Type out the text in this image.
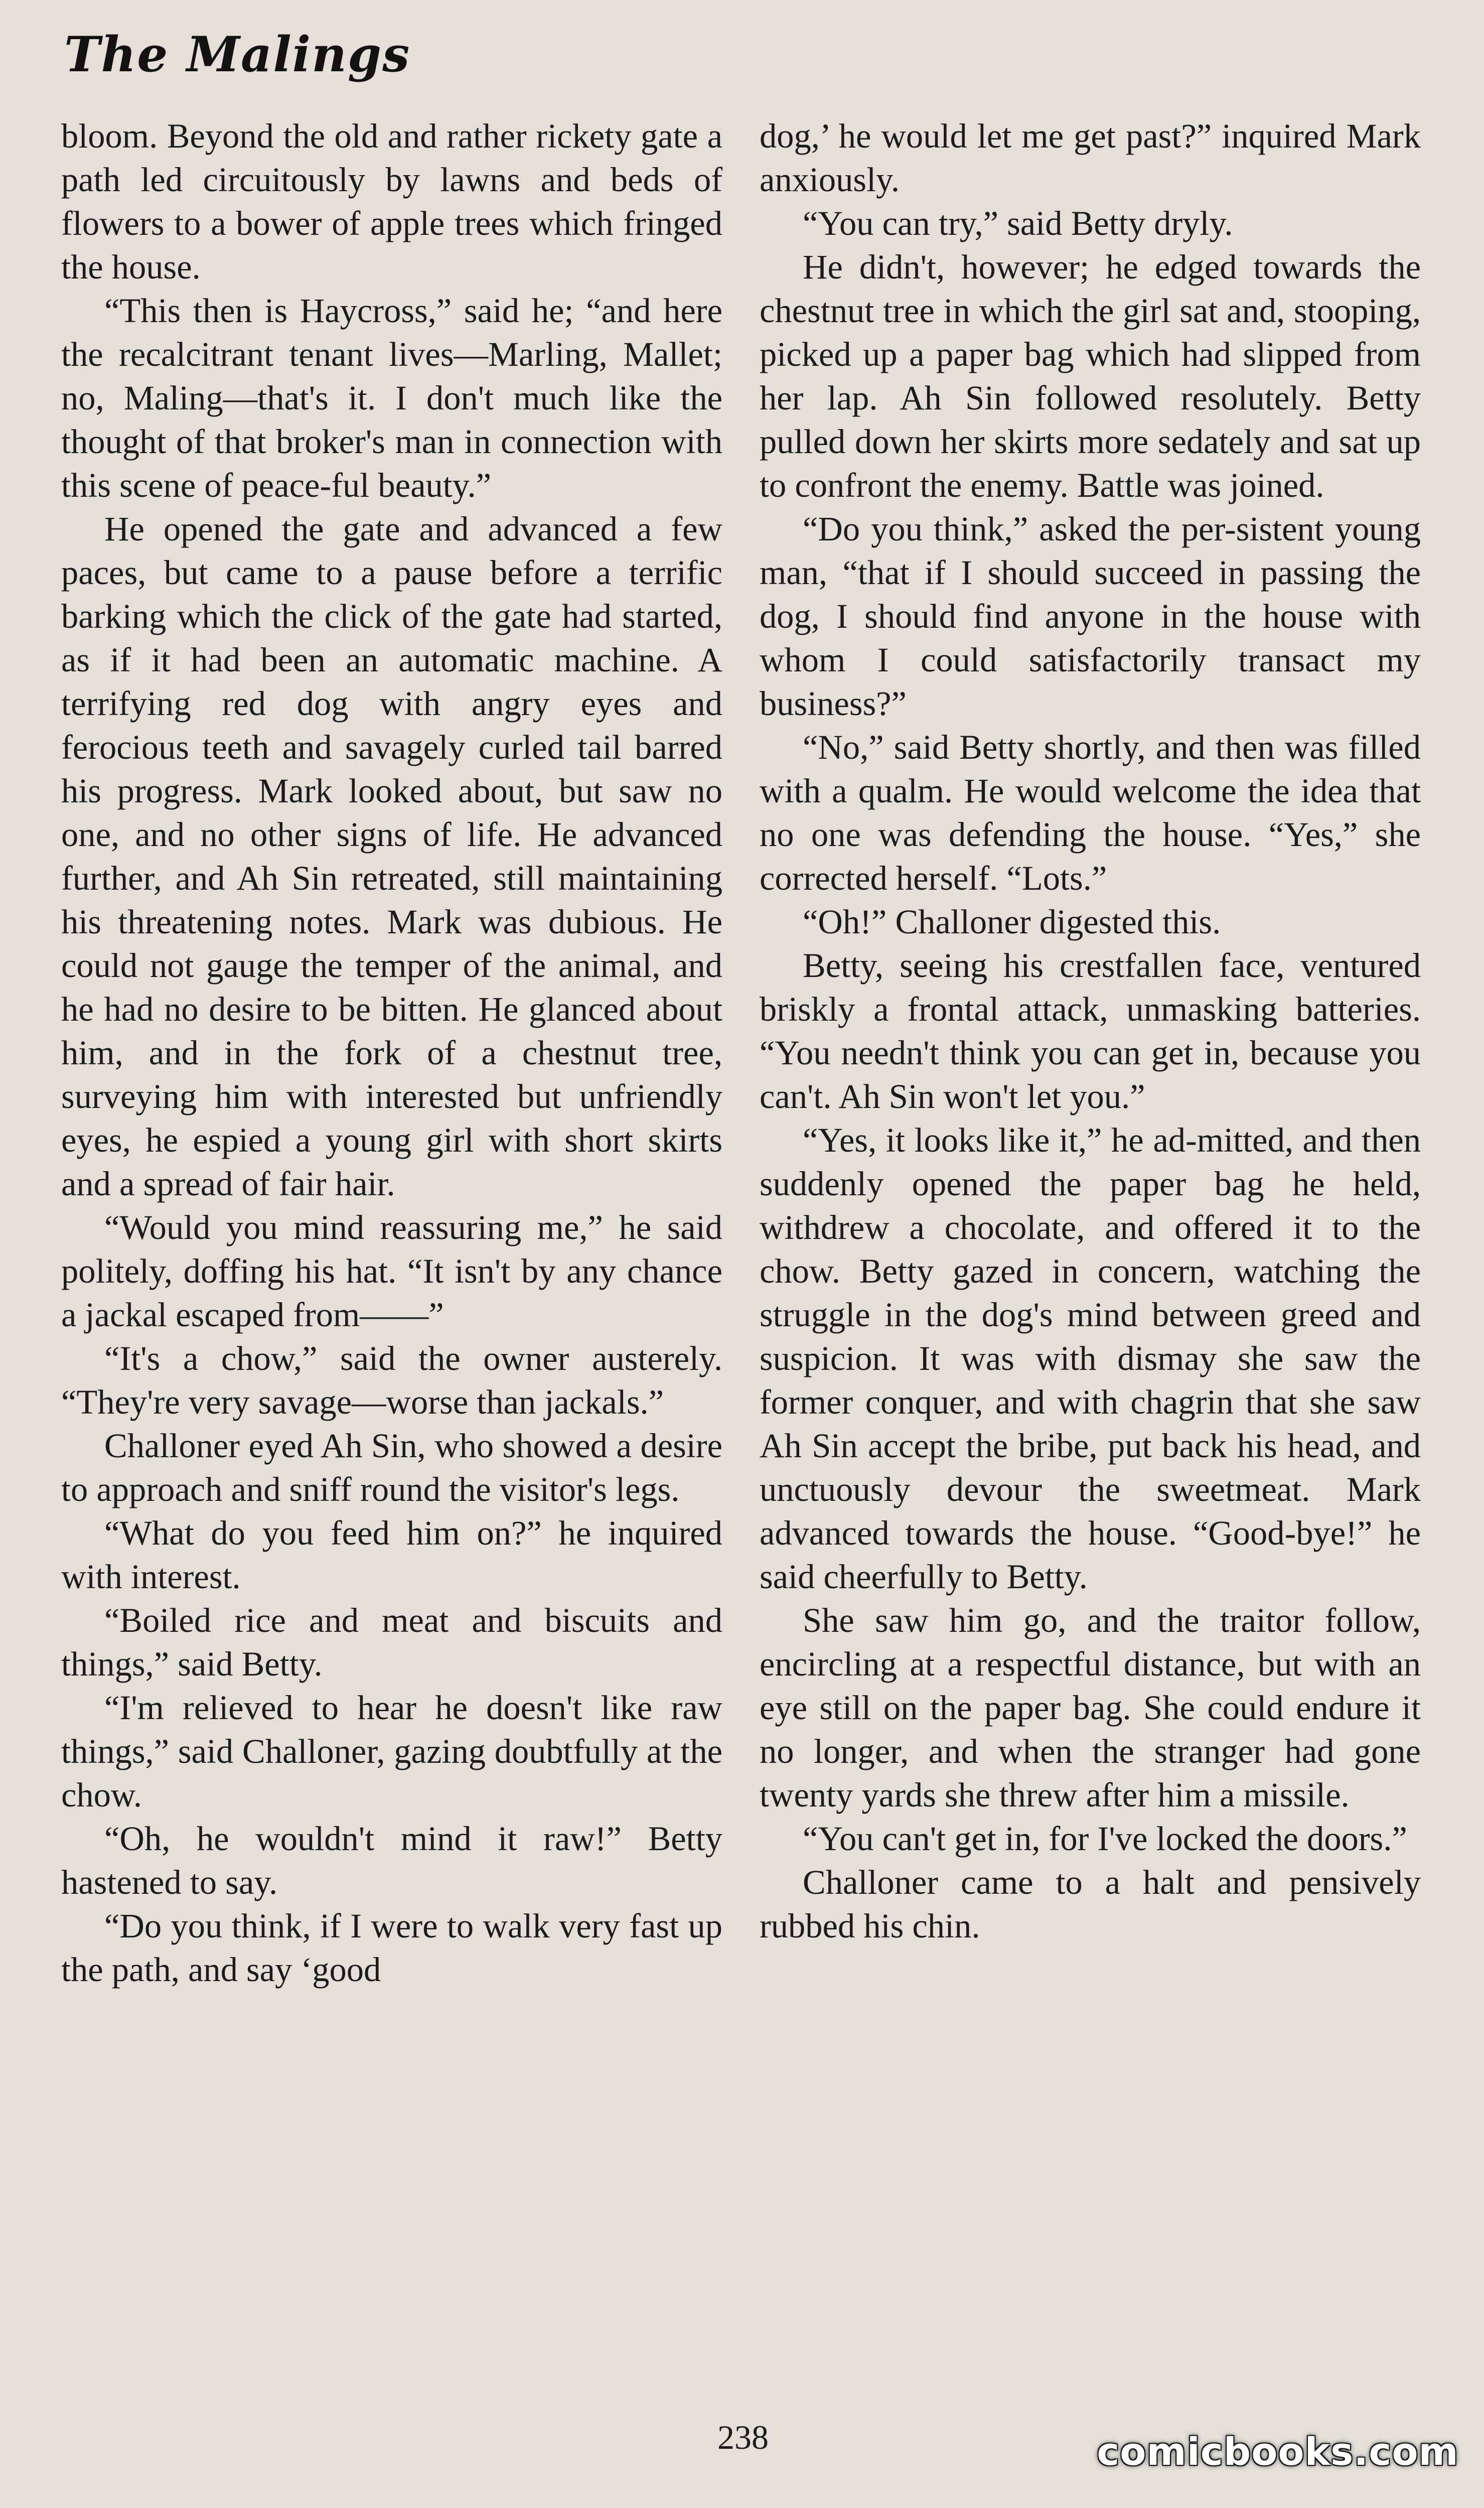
The Malings

bloom. Beyond the old and rather rickety gate a path led circuitously by lawns and beds of flowers to a bower of apple trees which fringed the house.

“This then is Haycross,” said he; “and here the recalcitrant tenant lives—Marling, Mallet; no, Maling—that's it. I don't much like the thought of that broker's man in connection with this scene of peace-ful beauty.”

He opened the gate and advanced a few paces, but came to a pause before a terrific barking which the click of the gate had started, as if it had been an automatic machine. A terrifying red dog with angry eyes and ferocious teeth and savagely curled tail barred his progress. Mark looked about, but saw no one, and no other signs of life. He advanced further, and Ah Sin retreated, still maintaining his threatening notes. Mark was dubious. He could not gauge the temper of the animal, and he had no desire to be bitten. He glanced about him, and in the fork of a chestnut tree, surveying him with interested but unfriendly eyes, he espied a young girl with short skirts and a spread of fair hair.

“Would you mind reassuring me,” he said politely, doffing his hat. “It isn't by any chance a jackal escaped from——”

“It's a chow,” said the owner austerely. “They're very savage—worse than jackals.”

Challoner eyed Ah Sin, who showed a desire to approach and sniff round the visitor's legs.

“What do you feed him on?” he inquired with interest.

“Boiled rice and meat and biscuits and things,” said Betty.

“I'm relieved to hear he doesn't like raw things,” said Challoner, gazing doubtfully at the chow.

“Oh, he wouldn't mind it raw!” Betty hastened to say.

“Do you think, if I were to walk very fast up the path, and say ‘good

dog,’ he would let me get past?” inquired Mark anxiously.

“You can try,” said Betty dryly.

He didn't, however; he edged towards the chestnut tree in which the girl sat and, stooping, picked up a paper bag which had slipped from her lap. Ah Sin followed resolutely. Betty pulled down her skirts more sedately and sat up to confront the enemy. Battle was joined.

“Do you think,” asked the per-sistent young man, “that if I should succeed in passing the dog, I should find anyone in the house with whom I could satisfactorily transact my business?”

“No,” said Betty shortly, and then was filled with a qualm. He would welcome the idea that no one was defending the house. “Yes,” she corrected herself. “Lots.”

“Oh!” Challoner digested this.

Betty, seeing his crestfallen face, ventured briskly a frontal attack, unmasking batteries. “You needn't think you can get in, because you can't. Ah Sin won't let you.”

“Yes, it looks like it,” he ad-mitted, and then suddenly opened the paper bag he held, withdrew a chocolate, and offered it to the chow. Betty gazed in concern, watching the struggle in the dog's mind between greed and suspicion. It was with dismay she saw the former conquer, and with chagrin that she saw Ah Sin accept the bribe, put back his head, and unctuously devour the sweetmeat. Mark advanced towards the house. “Good-bye!” he said cheerfully to Betty.

She saw him go, and the traitor follow, encircling at a respectful distance, but with an eye still on the paper bag. She could endure it no longer, and when the stranger had gone twenty yards she threw after him a missile.

“You can't get in, for I've locked the doors.”

Challoner came to a halt and pensively rubbed his chin.

238	comicbooks.com
